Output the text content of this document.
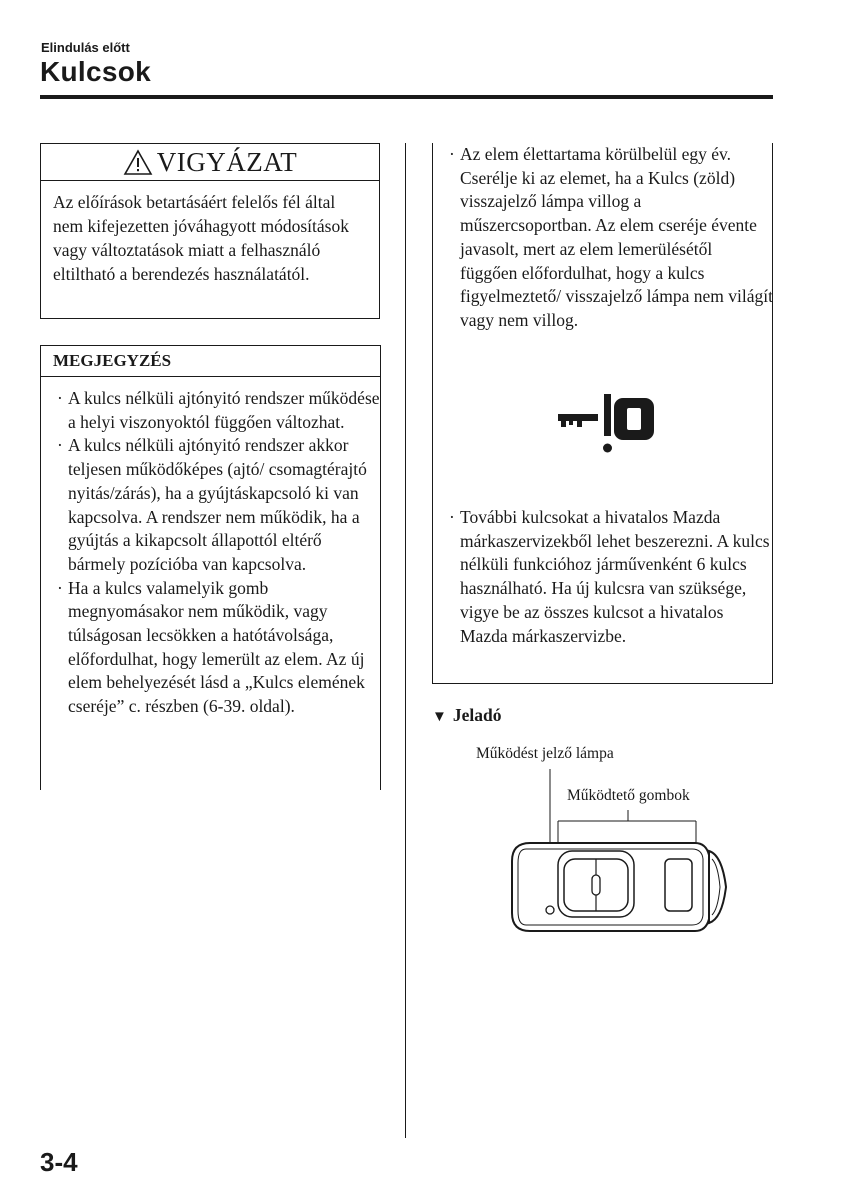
Elindulás előtt
Kulcsok
VIGYÁZAT
Az előírások betartásáért felelős fél által nem kifejezetten jóváhagyott módosítások vagy változtatások miatt a felhasználó eltiltható a berendezés használatától.
MEGJEGYZÉS
· A kulcs nélküli ajtónyitó rendszer működése a helyi viszonyoktól függően változhat.
· A kulcs nélküli ajtónyitó rendszer akkor teljesen működőképes (ajtó/ csomagtérajtó nyitás/zárás), ha a gyújtáskapcsoló ki van kapcsolva. A rendszer nem működik, ha a gyújtás a kikapcsolt állapottól eltérő bármely pozícióba van kapcsolva.
· Ha a kulcs valamelyik gomb megnyomásakor nem működik, vagy túlságosan lecsökken a hatótávolsága, előfordulhat, hogy lemerült az elem. Az új elem behelyezését lásd a „Kulcs elemének cseréje” c. részben (6-39. oldal).
· Az elem élettartama körülbelül egy év. Cserélje ki az elemet, ha a Kulcs (zöld) visszajelző lámpa villog a műszercsoportban. Az elem cseréje évente javasolt, mert az elem lemerülésétől függően előfordulhat, hogy a kulcs figyelmeztető/ visszajelző lámpa nem világít vagy nem villog.
· További kulcsokat a hivatalos Mazda márkaszervizekből lehet beszerezni. A kulcs nélküli funkcióhoz járművenként 6 kulcs használható. Ha új kulcsra van szüksége, vigye be az összes kulcsot a hivatalos Mazda márkaszervizbe.
▼ Jeladó
Működést jelző lámpa
Működtető gombok
3-4
